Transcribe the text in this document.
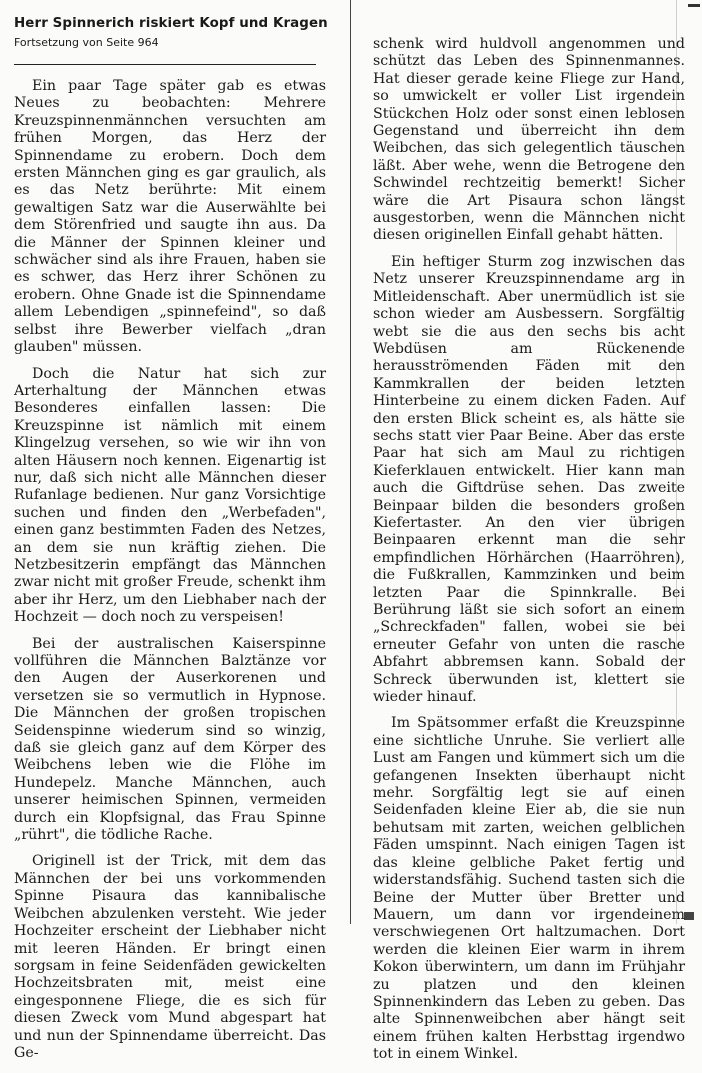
Herr Spinnerich riskiert Kopf und Kragen
Fortsetzung von Seite 964

Ein paar Tage später gab es etwas Neues zu beobachten: Mehrere Kreuzspinnenmännchen versuchten am frühen Morgen, das Herz der Spinnendame zu erobern. Doch dem ersten Männchen ging es gar graulich, als es das Netz berührte: Mit einem gewaltigen Satz war die Auserwählte bei dem Störenfried und saugte ihn aus. Da die Männer der Spinnen kleiner und schwächer sind als ihre Frauen, haben sie es schwer, das Herz ihrer Schönen zu erobern. Ohne Gnade ist die Spinnendame allem Lebendigen „spinnefeind", so daß selbst ihre Bewerber vielfach „dran glauben" müssen.

Doch die Natur hat sich zur Arterhaltung der Männchen etwas Besonderes einfallen lassen: Die Kreuzspinne ist nämlich mit einem Klingelzug versehen, so wie wir ihn von alten Häusern noch kennen. Eigenartig ist nur, daß sich nicht alle Männchen dieser Rufanlage bedienen. Nur ganz Vorsichtige suchen und finden den „Werbefaden", einen ganz bestimmten Faden des Netzes, an dem sie nun kräftig ziehen. Die Netzbesitzerin empfängt das Männchen zwar nicht mit großer Freude, schenkt ihm aber ihr Herz, um den Liebhaber nach der Hochzeit — doch noch zu verspeisen!

Bei der australischen Kaiserspinne vollführen die Männchen Balztänze vor den Augen der Auserkorenen und versetzen sie so vermutlich in Hypnose. Die Männchen der großen tropischen Seidenspinne wiederum sind so winzig, daß sie gleich ganz auf dem Körper des Weibchens leben wie die Flöhe im Hundepelz. Manche Männchen, auch unserer heimischen Spinnen, vermeiden durch ein Klopfsignal, das Frau Spinne „rührt", die tödliche Rache.

Originell ist der Trick, mit dem das Männchen der bei uns vorkommenden Spinne Pisaura das kannibalische Weibchen abzulenken versteht. Wie jeder Hochzeiter erscheint der Liebhaber nicht mit leeren Händen. Er bringt einen sorgsam in feine Seidenfäden gewickelten Hochzeitsbraten mit, meist eine eingesponnene Fliege, die es sich für diesen Zweck vom Mund abgespart hat und nun der Spinnendame überreicht. Das Ge-

schenk wird huldvoll angenommen und schützt das Leben des Spinnenmannes. Hat dieser gerade keine Fliege zur Hand, so umwickelt er voller List irgendein Stückchen Holz oder sonst einen leblosen Gegenstand und überreicht ihn dem Weibchen, das sich gelegentlich täuschen läßt. Aber wehe, wenn die Betrogene den Schwindel rechtzeitig bemerkt! Sicher wäre die Art Pisaura schon längst ausgestorben, wenn die Männchen nicht diesen originellen Einfall gehabt hätten.

Ein heftiger Sturm zog inzwischen das Netz unserer Kreuzspinnendame arg in Mitleidenschaft. Aber unermüdlich ist sie schon wieder am Ausbessern. Sorgfältig webt sie die aus den sechs bis acht Webdüsen am Rückenende herausströmenden Fäden mit den Kammkrallen der beiden letzten Hinterbeine zu einem dicken Faden. Auf den ersten Blick scheint es, als hätte sie sechs statt vier Paar Beine. Aber das erste Paar hat sich am Maul zu richtigen Kieferklauen entwickelt. Hier kann man auch die Giftdrüse sehen. Das zweite Beinpaar bilden die besonders großen Kiefertaster. An den vier übrigen Beinpaaren erkennt man die sehr empfindlichen Hörhärchen (Haarröhren), die Fußkrallen, Kammzinken und beim letzten Paar die Spinnkralle. Bei Berührung läßt sie sich sofort an einem „Schreckfaden" fallen, wobei sie bei erneuter Gefahr von unten die rasche Abfahrt abbremsen kann. Sobald der Schreck überwunden ist, klettert sie wieder hinauf.

Im Spätsommer erfaßt die Kreuzspinne eine sichtliche Unruhe. Sie verliert alle Lust am Fangen und kümmert sich um die gefangenen Insekten überhaupt nicht mehr. Sorgfältig legt sie auf einen Seidenfaden kleine Eier ab, die sie nun behutsam mit zarten, weichen gelblichen Fäden umspinnt. Nach einigen Tagen ist das kleine gelbliche Paket fertig und widerstandsfähig. Suchend tasten sich die Beine der Mutter über Bretter und Mauern, um dann vor irgendeinem verschwiegenen Ort haltzumachen. Dort werden die kleinen Eier warm in ihrem Kokon überwintern, um dann im Frühjahr zu platzen und den kleinen Spinnenkindern das Leben zu geben. Das alte Spinnenweibchen aber hängt seit einem frühen kalten Herbsttag irgendwo tot in einem Winkel.
